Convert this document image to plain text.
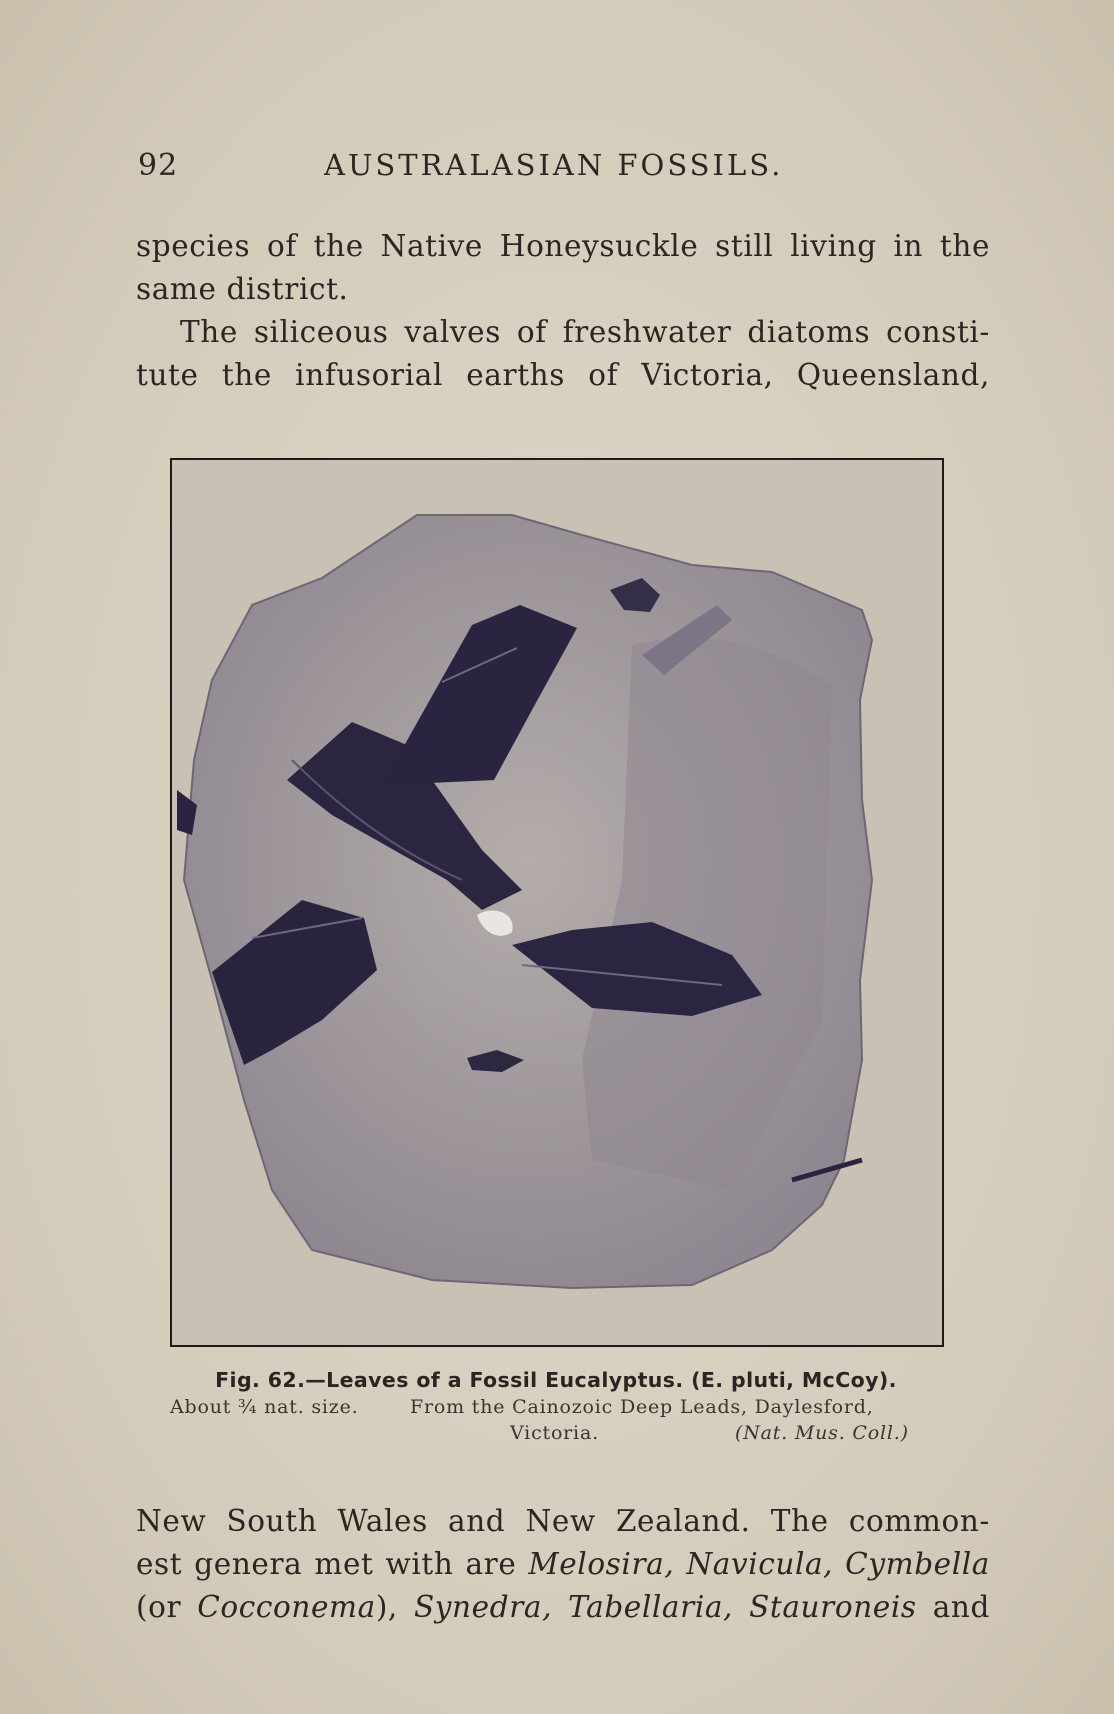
92	AUSTRALASIAN FOSSILS.
species of the Native Honeysuckle still living in the
same district.
The siliceous valves of freshwater diatoms consti-
tute the infusorial earths of Victoria, Queensland,
Fig. 62.—Leaves of a Fossil Eucalyptus. (E. pluti, McCoy).
About ¾ nat. size.	From the Cainozoic Deep Leads, Daylesford,
Victoria.	(Nat. Mus. Coll.)
New South Wales and New Zealand. The common-
est genera met with are Melosira, Navicula, Cymbella
(or Cocconema), Synedra, Tabellaria, Stauroneis and
